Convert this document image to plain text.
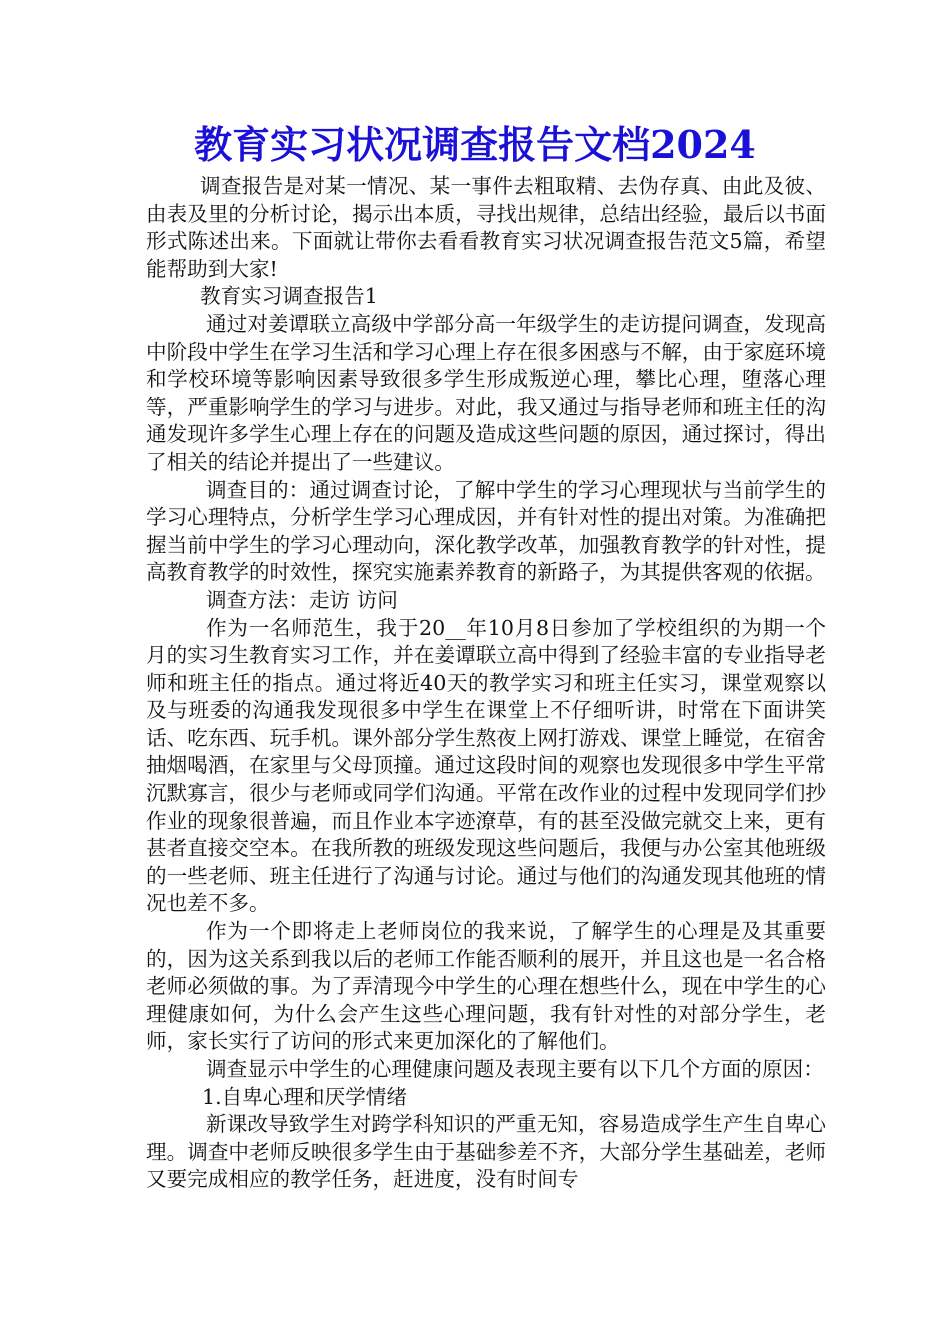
教育实习状况调查报告文档2024

调查报告是对某一情况、某一事件去粗取精、去伪存真、由此及彼、由表及里的分析讨论，揭示出本质，寻找出规律，总结出经验，最后以书面形式陈述出来。下面就让带你去看看教育实习状况调查报告范文5篇，希望能帮助到大家!

教育实习调查报告1

通过对姜谭联立高级中学部分高一年级学生的走访提问调查，发现高中阶段中学生在学习生活和学习心理上存在很多困惑与不解，由于家庭环境和学校环境等影响因素导致很多学生形成叛逆心理，攀比心理，堕落心理等，严重影响学生的学习与进步。对此，我又通过与指导老师和班主任的沟通发现许多学生心理上存在的问题及造成这些问题的原因，通过探讨，得出了相关的结论并提出了一些建议。

调查目的：通过调查讨论，了解中学生的学习心理现状与当前学生的学习心理特点，分析学生学习心理成因，并有针对性的提出对策。为准确把握当前中学生的学习心理动向，深化教学改革，加强教育教学的针对性，提高教育教学的时效性，探究实施素养教育的新路子，为其提供客观的依据。

调查方法：走访 访问

作为一名师范生，我于20__年10月8日参加了学校组织的为期一个月的实习生教育实习工作，并在姜谭联立高中得到了经验丰富的专业指导老师和班主任的指点。通过将近40天的教学实习和班主任实习，课堂观察以及与班委的沟通我发现很多中学生在课堂上不仔细听讲，时常在下面讲笑话、吃东西、玩手机。课外部分学生熬夜上网打游戏、课堂上睡觉，在宿舍抽烟喝酒，在家里与父母顶撞。通过这段时间的观察也发现很多中学生平常沉默寡言，很少与老师或同学们沟通。平常在改作业的过程中发现同学们抄作业的现象很普遍，而且作业本字迹潦草，有的甚至没做完就交上来，更有甚者直接交空本。在我所教的班级发现这些问题后，我便与办公室其他班级的一些老师、班主任进行了沟通与讨论。通过与他们的沟通发现其他班的情况也差不多。

作为一个即将走上老师岗位的我来说，了解学生的心理是及其重要的，因为这关系到我以后的老师工作能否顺利的展开，并且这也是一名合格老师必须做的事。为了弄清现今中学生的心理在想些什么，现在中学生的心理健康如何，为什么会产生这些心理问题，我有针对性的对部分学生，老师，家长实行了访问的形式来更加深化的了解他们。

调查显示中学生的心理健康问题及表现主要有以下几个方面的原因：

1.自卑心理和厌学情绪

新课改导致学生对跨学科知识的严重无知，容易造成学生产生自卑心理。调查中老师反映很多学生由于基础参差不齐，大部分学生基础差，老师又要完成相应的教学任务，赶进度，没有时间专
